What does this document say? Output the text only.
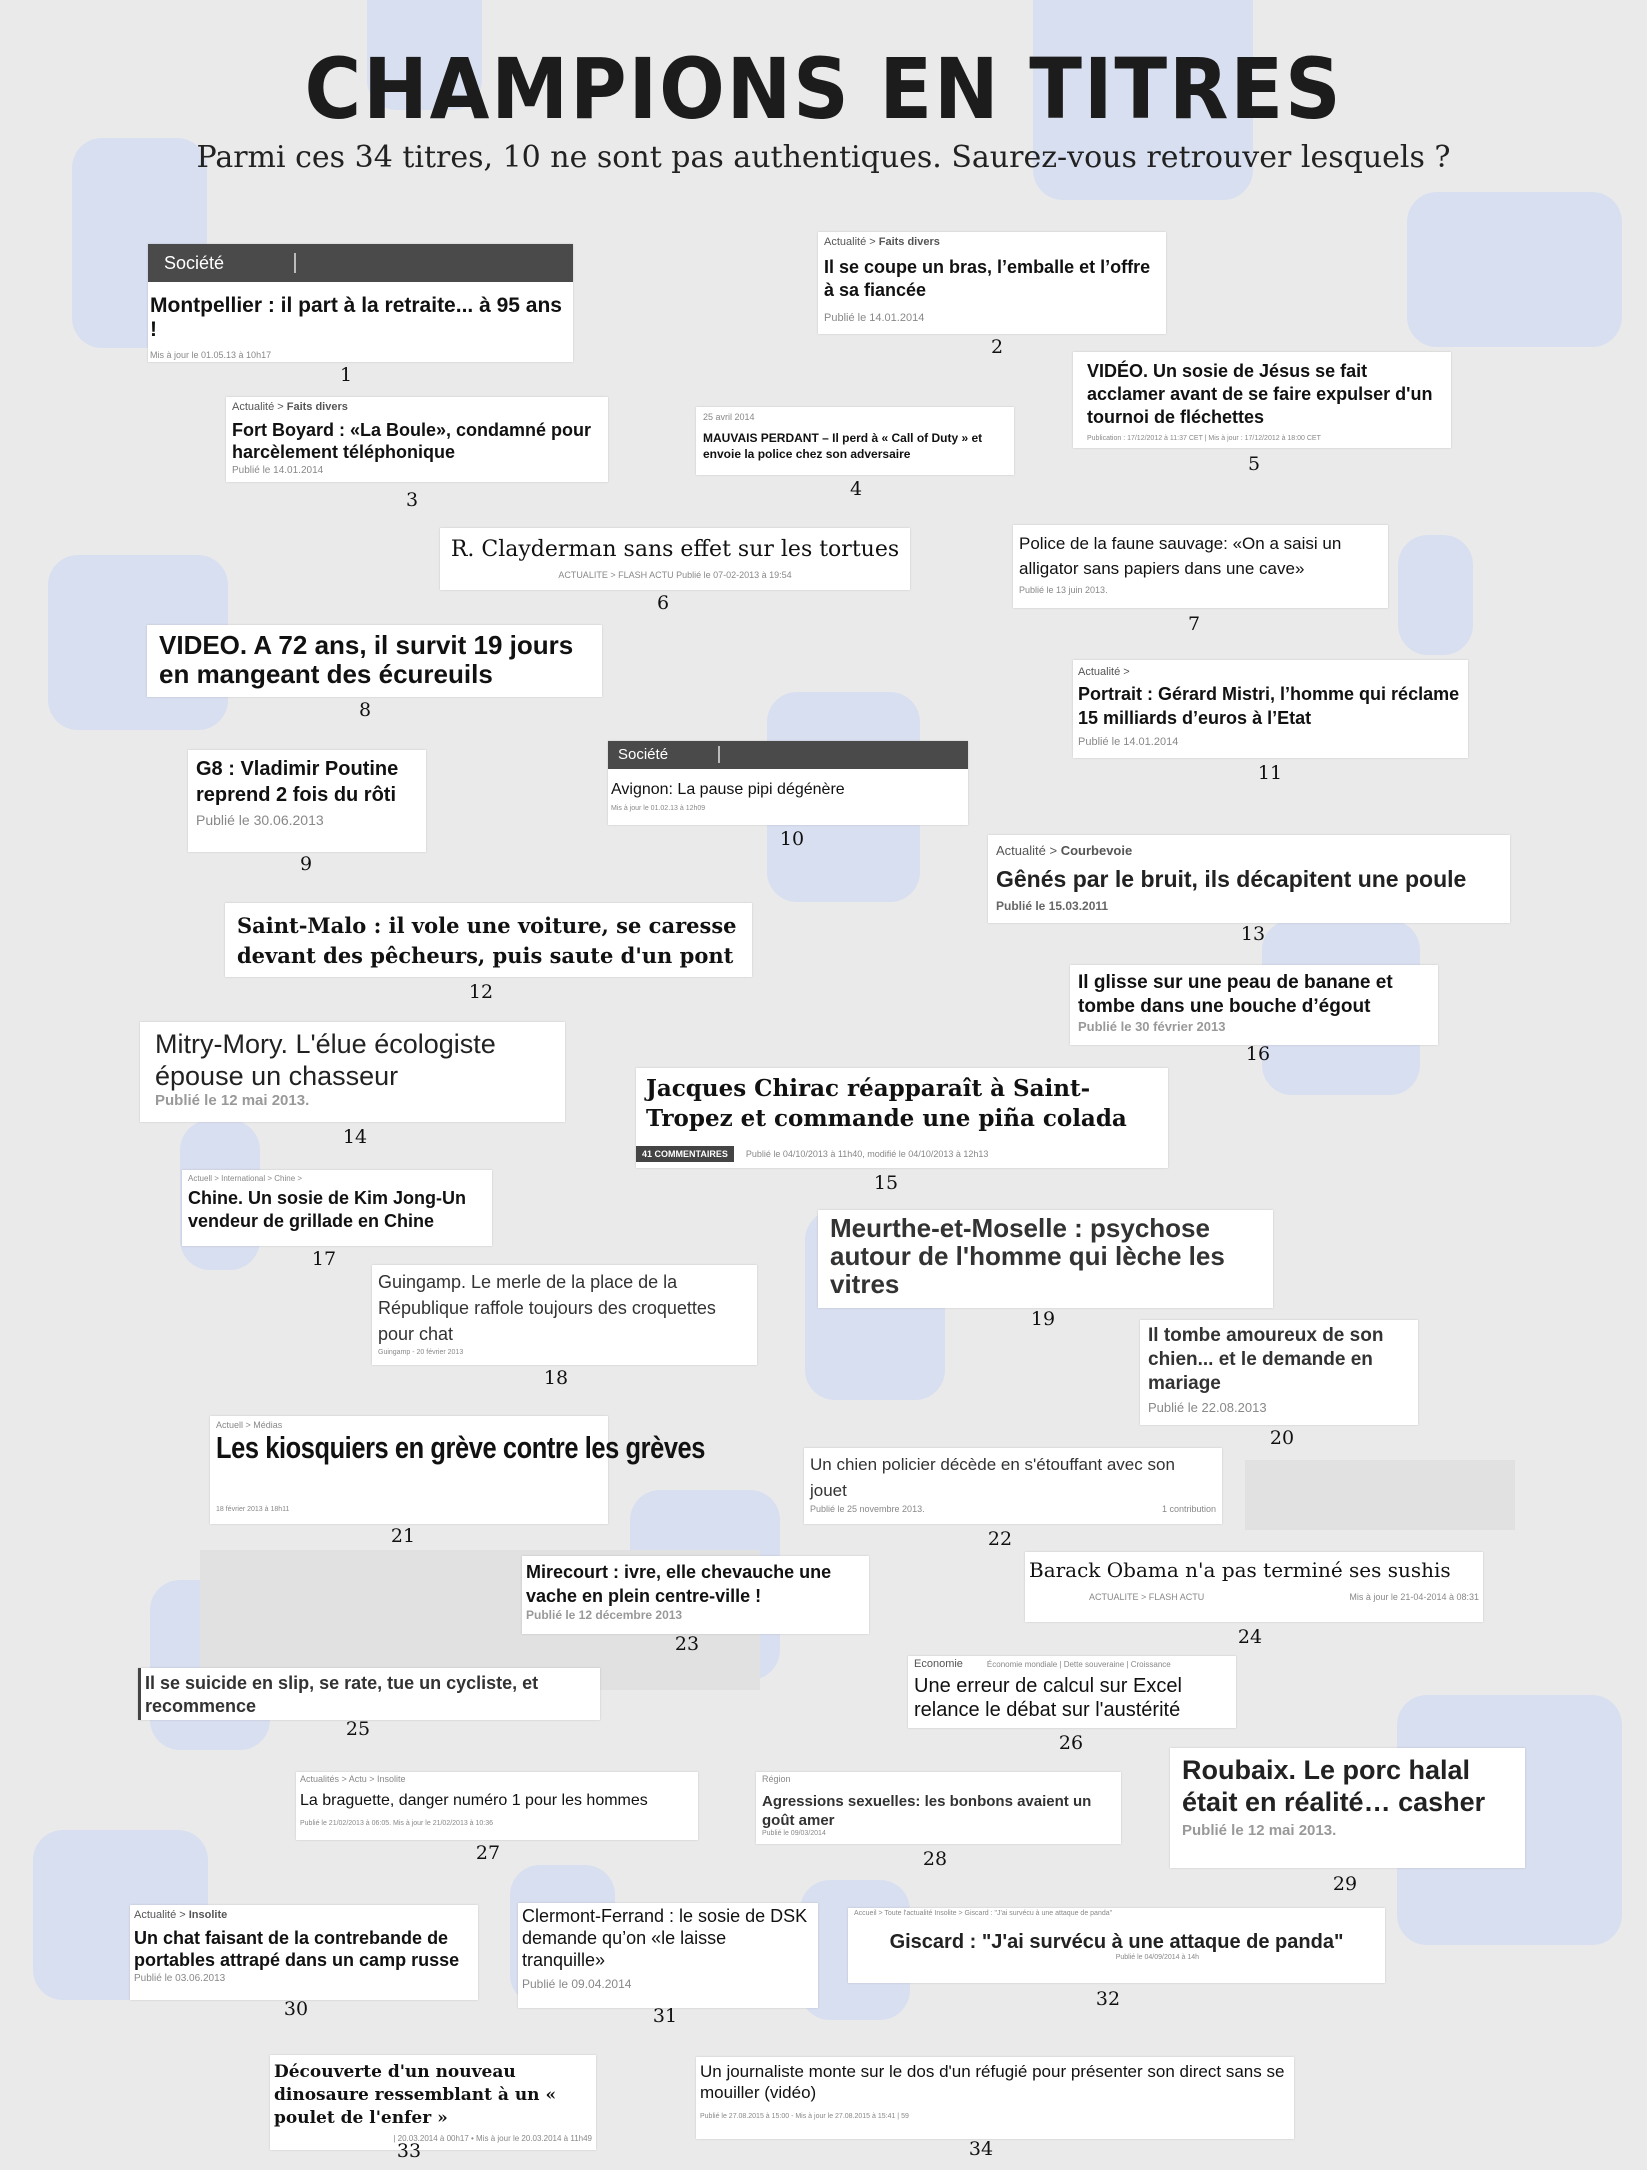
CHAMPIONS EN TITRES
Parmi ces 34 titres, 10 ne sont pas authentiques. Saurez-vous retrouver lesquels ?
Société
Montpellier : il part à la retraite... à 95 ans !
Mis à jour le 01.05.13 à 10h17
1
Actualité > Faits divers
Il se coupe un bras, l’emballe et l’offre à sa fiancée
Publié le 14.01.2014
2
Actualité > Faits divers
Fort Boyard : «La Boule», condamné pour harcèlement téléphonique
Publié le 14.01.2014
3
25 avril 2014
MAUVAIS PERDANT – Il perd à « Call of Duty » et envoie la police chez son adversaire
4
VIDÉO. Un sosie de Jésus se fait acclamer avant de se faire expulser d'un tournoi de fléchettes
Publication : 17/12/2012 à 11:37 CET | Mis à jour : 17/12/2012 à 18:00 CET
5
R. Clayderman sans effet sur les tortues
ACTUALITE > FLASH ACTU Publié le 07-02-2013 à 19:54
6
Police de la faune sauvage: «On a saisi un alligator sans papiers dans une cave»
Publié le 13 juin 2013.
7
VIDEO. A 72 ans, il survit 19 jours en mangeant des écureuils
8
G8 : Vladimir Poutine reprend 2 fois du rôti
Publié le 30.06.2013
9
Société
Avignon: La pause pipi dégénère
Mis à jour le 01.02.13 à 12h09
10
Actualité >
Portrait : Gérard Mistri, l’homme qui réclame 15 milliards d’euros à l’Etat
Publié le 14.01.2014
11
Saint-Malo : il vole une voiture, se caresse devant des pêcheurs, puis saute d'un pont
12
Actualité > Courbevoie
Gênés par le bruit, ils décapitent une poule
Publié le 15.03.2011
13
Mitry-Mory. L'élue écologiste épouse un chasseur
Publié le 12 mai 2013.
14
Jacques Chirac réapparaît à Saint-Tropez et commande une piña colada
41 COMMENTAIRES	Publié le 04/10/2013 à 11h40, modifié le 04/10/2013 à 12h13
15
Il glisse sur une peau de banane et tombe dans une bouche d’égout
Publié le 30 février 2013
16
Actuell > International > Chine >
Chine. Un sosie de Kim Jong-Un vendeur de grillade en Chine
17
Guingamp. Le merle de la place de la République raffole toujours des croquettes pour chat
Guingamp - 20 février 2013
18
Meurthe-et-Moselle : psychose autour de l'homme qui lèche les vitres
19
Il tombe amoureux de son chien... et le demande en mariage
Publié le 22.08.2013
20
Actuell > Médias
Les kiosquiers en grève contre les grèves
18 février 2013 à 18h11
21
Un chien policier décède en s'étouffant avec son jouet
Publié le 25 novembre 2013.	1 contribution
22
Mirecourt : ivre, elle chevauche une vache en plein centre-ville !
Publié le 12 décembre 2013
23
Barack Obama n'a pas terminé ses sushis
ACTUALITE > FLASH ACTU	Mis à jour le 21-04-2014 à 08:31
24
Il se suicide en slip, se rate, tue un cycliste, et recommence
25
Economie	Économie mondiale | Dette souveraine | Croissance
Une erreur de calcul sur Excel relance le débat sur l'austérité
26
Actualités > Actu > Insolite
La braguette, danger numéro 1 pour les hommes
Publié le 21/02/2013 à 06:05. Mis à jour le 21/02/2013 à 10:36
27
Région
Agressions sexuelles: les bonbons avaient un goût amer
Publié le 09/03/2014
28
Roubaix. Le porc halal était en réalité… casher
Publié le 12 mai 2013.
29
Actualité > Insolite
Un chat faisant de la contrebande de portables attrapé dans un camp russe
Publié le 03.06.2013
30
Clermont-Ferrand : le sosie de DSK demande qu’on «le laisse tranquille»
Publié le 09.04.2014
31
Accueil > Toute l'actualité Insolite > Giscard : "J'ai survécu à une attaque de panda"
Giscard : "J'ai survécu à une attaque de panda"
Publié le 04/09/2014 à 14h
32
Découverte d'un nouveau dinosaure ressemblant à un « poulet de l'enfer »
| 20.03.2014 à 00h17 • Mis à jour le 20.03.2014 à 11h49
33
Un journaliste monte sur le dos d'un réfugié pour présenter son direct sans se mouiller (vidéo)
Publié le 27.08.2015 à 15:00 - Mis à jour le 27.08.2015 à 15:41 | 59
34
